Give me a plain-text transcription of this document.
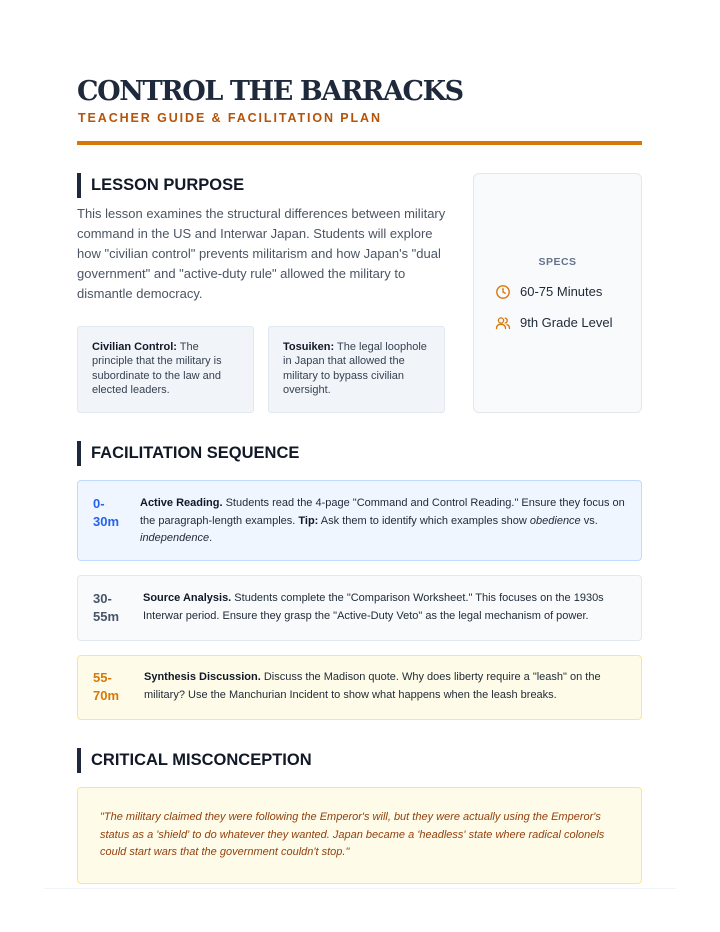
CONTROL THE BARRACKS
TEACHER GUIDE & FACILITATION PLAN
LESSON PURPOSE

This lesson examines the structural differences between military command in the US and Interwar Japan. Students will explore how "civilian control" prevents militarism and how Japan's "dual government" and "active-duty rule" allowed the military to dismantle democracy.

Civilian Control: The principle that the military is subordinate to the law and elected leaders.
Tosuiken: The legal loophole in Japan that allowed the military to bypass civilian oversight.
SPECS
60-75 Minutes
9th Grade Level
FACILITATION SEQUENCE
0-
30m
Active Reading. Students read the 4-page "Command and Control Reading." Ensure they focus on the paragraph-length examples. Tip: Ask them to identify which examples show obedience vs. independence.
30-
55m
Source Analysis. Students complete the "Comparison Worksheet." This focuses on the 1930s Interwar period. Ensure they grasp the "Active-Duty Veto" as the legal mechanism of power.
55-
70m
Synthesis Discussion. Discuss the Madison quote. Why does liberty require a "leash" on the military? Use the Manchurian Incident to show what happens when the leash breaks.
CRITICAL MISCONCEPTION
"The military claimed they were following the Emperor's will, but they were actually using the Emperor's status as a 'shield' to do whatever they wanted. Japan became a 'headless' state where radical colonels could start wars that the government couldn't stop."
